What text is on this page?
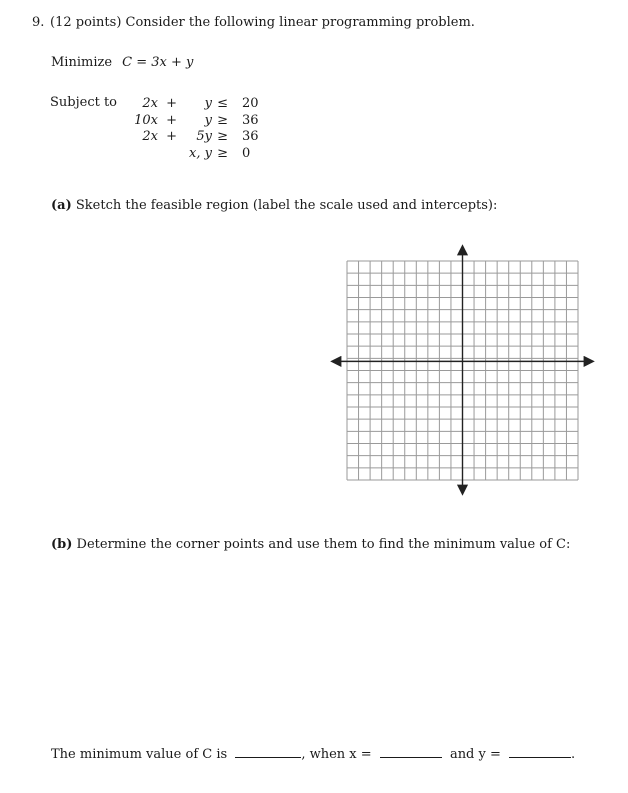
9. (12 points) Consider the following linear programming problem.
Minimize C = 3x + y
Subject to 2x + y ≤ 20
10x + y ≥ 36
2x + 5y ≥ 36
x, y ≥ 0
(a) Sketch the feasible region (label the scale used and intercepts):
(b) Determine the corner points and use them to find the minimum value of C:
The minimum value of C is	, when x =	and y =	.
